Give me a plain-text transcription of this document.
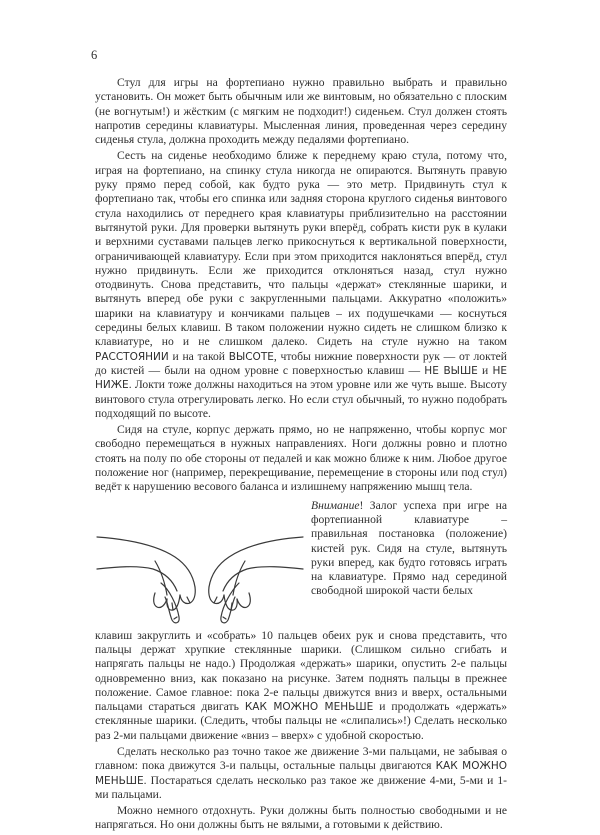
6

Стул для игры на фортепиано нужно правильно выбрать и правильно установить. Он может быть обычным или же винтовым, но обязательно с плоским (не вогнутым!) и жёстким (с мягким не подходит!) сиденьем. Стул должен стоять напротив середины клавиатуры. Мысленная линия, проведенная через середину сиденья стула, должна проходить между педалями фортепиано.

Сесть на сиденье необходимо ближе к переднему краю стула, потому что, играя на фортепиано, на спинку стула никогда не опираются. Вытянуть правую руку прямо перед собой, как будто рука — это метр. Придвинуть стул к фортепиано так, чтобы его спинка или задняя сторона круглого сиденья винтового стула находились от переднего края клавиатуры приблизительно на расстоянии вытянутой руки. Для проверки вытянуть руки вперёд, собрать кисти рук в кулаки и верхними суставами пальцев легко прикоснуться к вертикальной поверхности, ограничивающей клавиатуру. Если при этом приходится наклоняться вперёд, стул нужно придвинуть. Если же приходится отклоняться назад, стул нужно отодвинуть. Снова представить, что пальцы «держат» стеклянные шарики, и вытянуть вперед обе руки с закругленными пальцами. Аккуратно «положить» шарики на клавиатуру и кончиками пальцев – их подушечками — коснуться середины белых клавиш. В таком положении нужно сидеть не слишком близко к клавиатуре, но и не слишком далеко. Сидеть на стуле нужно на таком РАССТОЯНИИ и на такой ВЫСОТЕ, чтобы нижние поверхности рук — от локтей до кистей — были на одном уровне с поверхностью клавиш — НЕ ВЫШЕ и НЕ НИЖЕ. Локти тоже должны находиться на этом уровне или же чуть выше. Высоту винтового стула отрегулировать легко. Но если стул обычный, то нужно подобрать подходящий по высоте.

Сидя на стуле, корпус держать прямо, но не напряженно, чтобы корпус мог свободно перемещаться в нужных направлениях. Ноги должны ровно и плотно стоять на полу по обе стороны от педалей и как можно ближе к ним. Любое другое положение ног (например, перекрещивание, перемещение в стороны или под стул) ведёт к нарушению весового баланса и излишнему напряжению мышц тела.

Внимание! Залог успеха при игре на фортепианной клавиатуре – правильная постановка (положение) кистей рук. Сидя на стуле, вытянуть руки вперед, как будто готовясь играть на клавиатуре. Прямо над серединой свободной широкой части белых

клавиш закруглить и «собрать» 10 пальцев обеих рук и снова представить, что пальцы держат хрупкие стеклянные шарики. (Слишком сильно сгибать и напрягать пальцы не надо.) Продолжая «держать» шарики, опустить 2-е пальцы одновременно вниз, как показано на рисунке. Затем поднять пальцы в прежнее положение. Самое главное: пока 2-е пальцы движутся вниз и вверх, остальными пальцами стараться двигать КАК МОЖНО МЕНЬШЕ и продолжать «держать» стеклянные шарики. (Следить, чтобы пальцы не «слипались»!) Сделать несколько раз 2-ми пальцами движение «вниз – вверх» с удобной скоростью.

Сделать несколько раз точно такое же движение 3-ми пальцами, не забывая о главном: пока движутся 3-и пальцы, остальные пальцы двигаются КАК МОЖНО МЕНЬШЕ. Постараться сделать несколько раз такое же движение 4-ми, 5-ми и 1-ми пальцами.

Можно немного отдохнуть. Руки должны быть полностью свободными и не напрягаться. Но они должны быть не вялыми, а готовыми к действию.
